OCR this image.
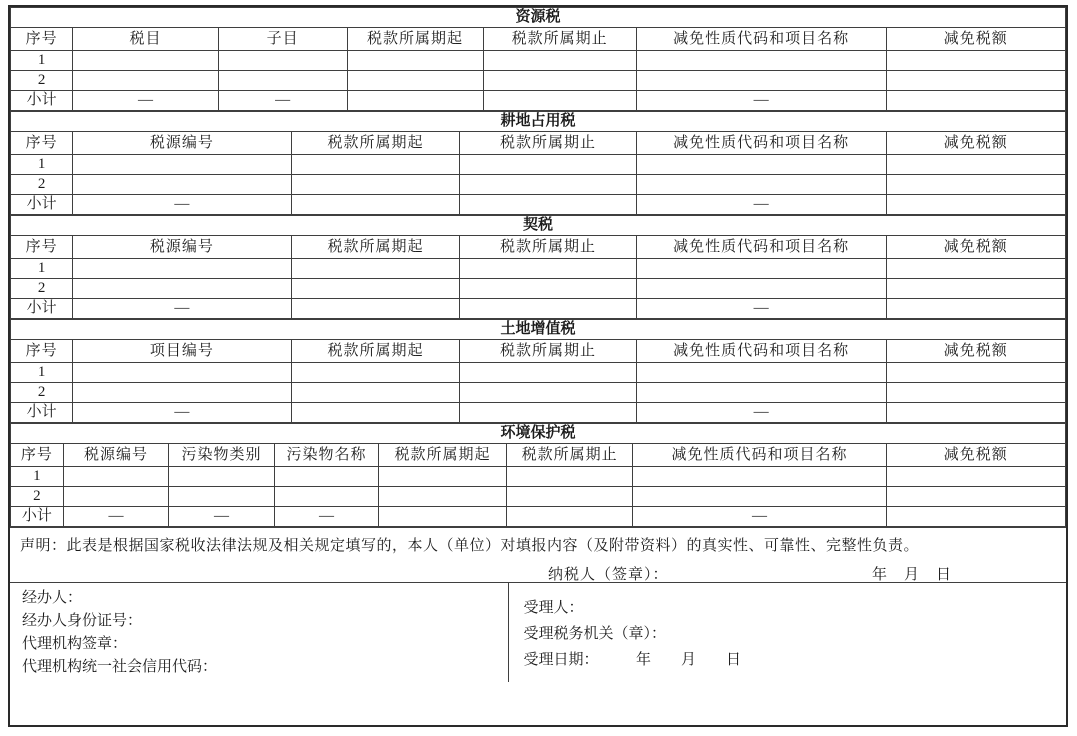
资源税						
序号	税目	子目	税款所属期起	税款所属期止	减免性质代码和项目名称	减免税额
1						
2						
小计	—	—			—	
耕地占用税					
序号	税源编号	税款所属期起	税款所属期止	减免性质代码和项目名称	减免税额
1					
2					
小计	—			—	
契税					
序号	税源编号	税款所属期起	税款所属期止	减免性质代码和项目名称	减免税额
1					
2					
小计	—			—	
土地增值税					
序号	项目编号	税款所属期起	税款所属期止	减免性质代码和项目名称	减免税额
1					
2					
小计	—			—	
环境保护税							
序号	税源编号	污染物类别	污染物名称	税款所属期起	税款所属期止	减免性质代码和项目名称	减免税额
1							
2							
小计	—	—	—			—	
声明：此表是根据国家税收法律法规及相关规定填写的，本人（单位）对填报内容（及附带资料）的真实性、可靠性、完整性负责。
纳税人（签章）：	年　月　日
经办人：
经办人身份证号：
代理机构签章：
代理机构统一社会信用代码：
受理人：
受理税务机关（章）：
受理日期：　　　年　　月　　日
